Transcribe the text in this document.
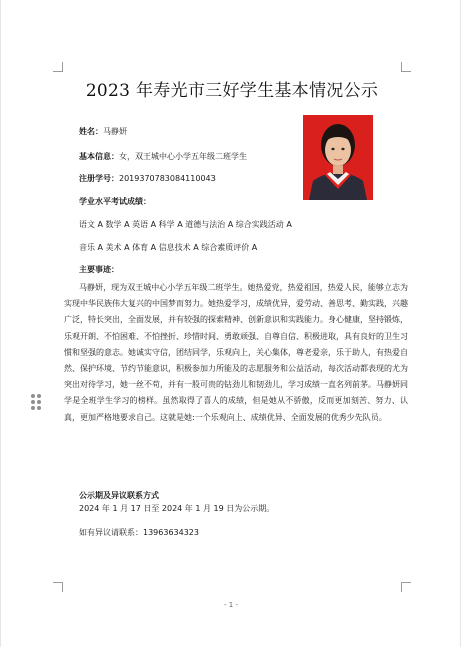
2023 年寿光市三好学生基本情况公示
姓名：马静妍
基本信息：女，双王城中心小学五年级二班学生
注册学号：201937078308411004З
学业水平考试成绩：
语文 A 数学 A 英语 A 科学 A 道德与法治 A 综合实践活动 A
音乐 A 美术 A 体育 A 信息技术 A 综合素质评价 A
主要事迹：
马静妍，现为双王城中心小学五年级二班学生。她热爱党，热爱祖国，热爱人民，能够立志为实现中华民族伟大复兴的中国梦而努力。她热爱学习，成绩优异，爱劳动、善思考、勤实践，兴趣广泛，特长突出，全面发展，并有较强的探索精神、创新意识和实践能力。身心健康，坚持锻炼，乐观开朗、不怕困难、不怕挫折、珍惜时间、勇敢顽强、自尊自信、积极进取，具有良好的卫生习惯和坚强的意志。她诚实守信，团结同学，乐观向上，关心集体，尊老爱亲，乐于助人，有热爱自然、保护环境、节约节能意识，积极参加力所能及的志愿服务和公益活动，每次活动都表现的尤为突出对待学习，她一丝不苟，并有一股可贵的钻劲儿和韧劲儿，学习成绩一直名列前茅。马静妍同学是全班学生学习的榜样。虽然取得了喜人的成绩，但是她从不骄傲，反而更加刻苦、努力、认真，更加严格地要求自己。这就是她:一个乐观向上、成绩优异、全面发展的优秀少先队员。
公示期及异议联系方式
2024 年 1 月 17 日至 2024 年 1 月 19 日为公示期。
如有异议请联系：13963634323
- 1 -
